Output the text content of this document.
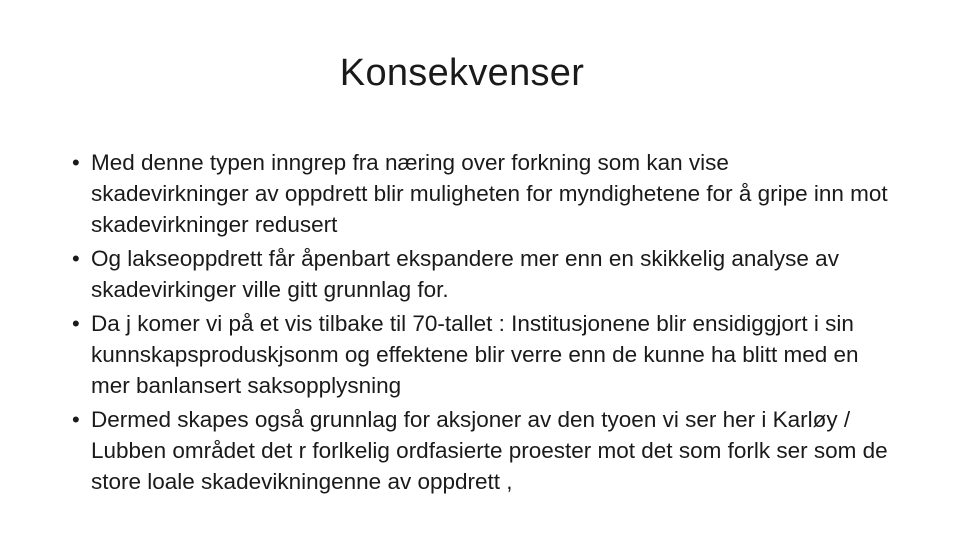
Konsekvenser
• Med denne typen inngrep fra næring over forkning som kan vise skadevirkninger av oppdrett blir muligheten for myndighetene for å gripe inn mot skadevirkninger redusert
• Og lakseoppdrett får åpenbart ekspandere mer enn en skikkelig analyse av skadevirkinger ville gitt grunnlag for.
• Da j komer vi på et vis tilbake til 70-tallet : Institusjonene blir ensidiggjort i sin kunnskapsproduskjsonm og effektene blir verre enn de kunne ha blitt med en mer banlansert saksopplysning
• Dermed skapes også grunnlag for aksjoner av den tyoen vi ser her i Karløy / Lubben området det r forlkelig ordfasierte proester mot det som forlk ser som de store loale skadevikningenne av oppdrett ,
